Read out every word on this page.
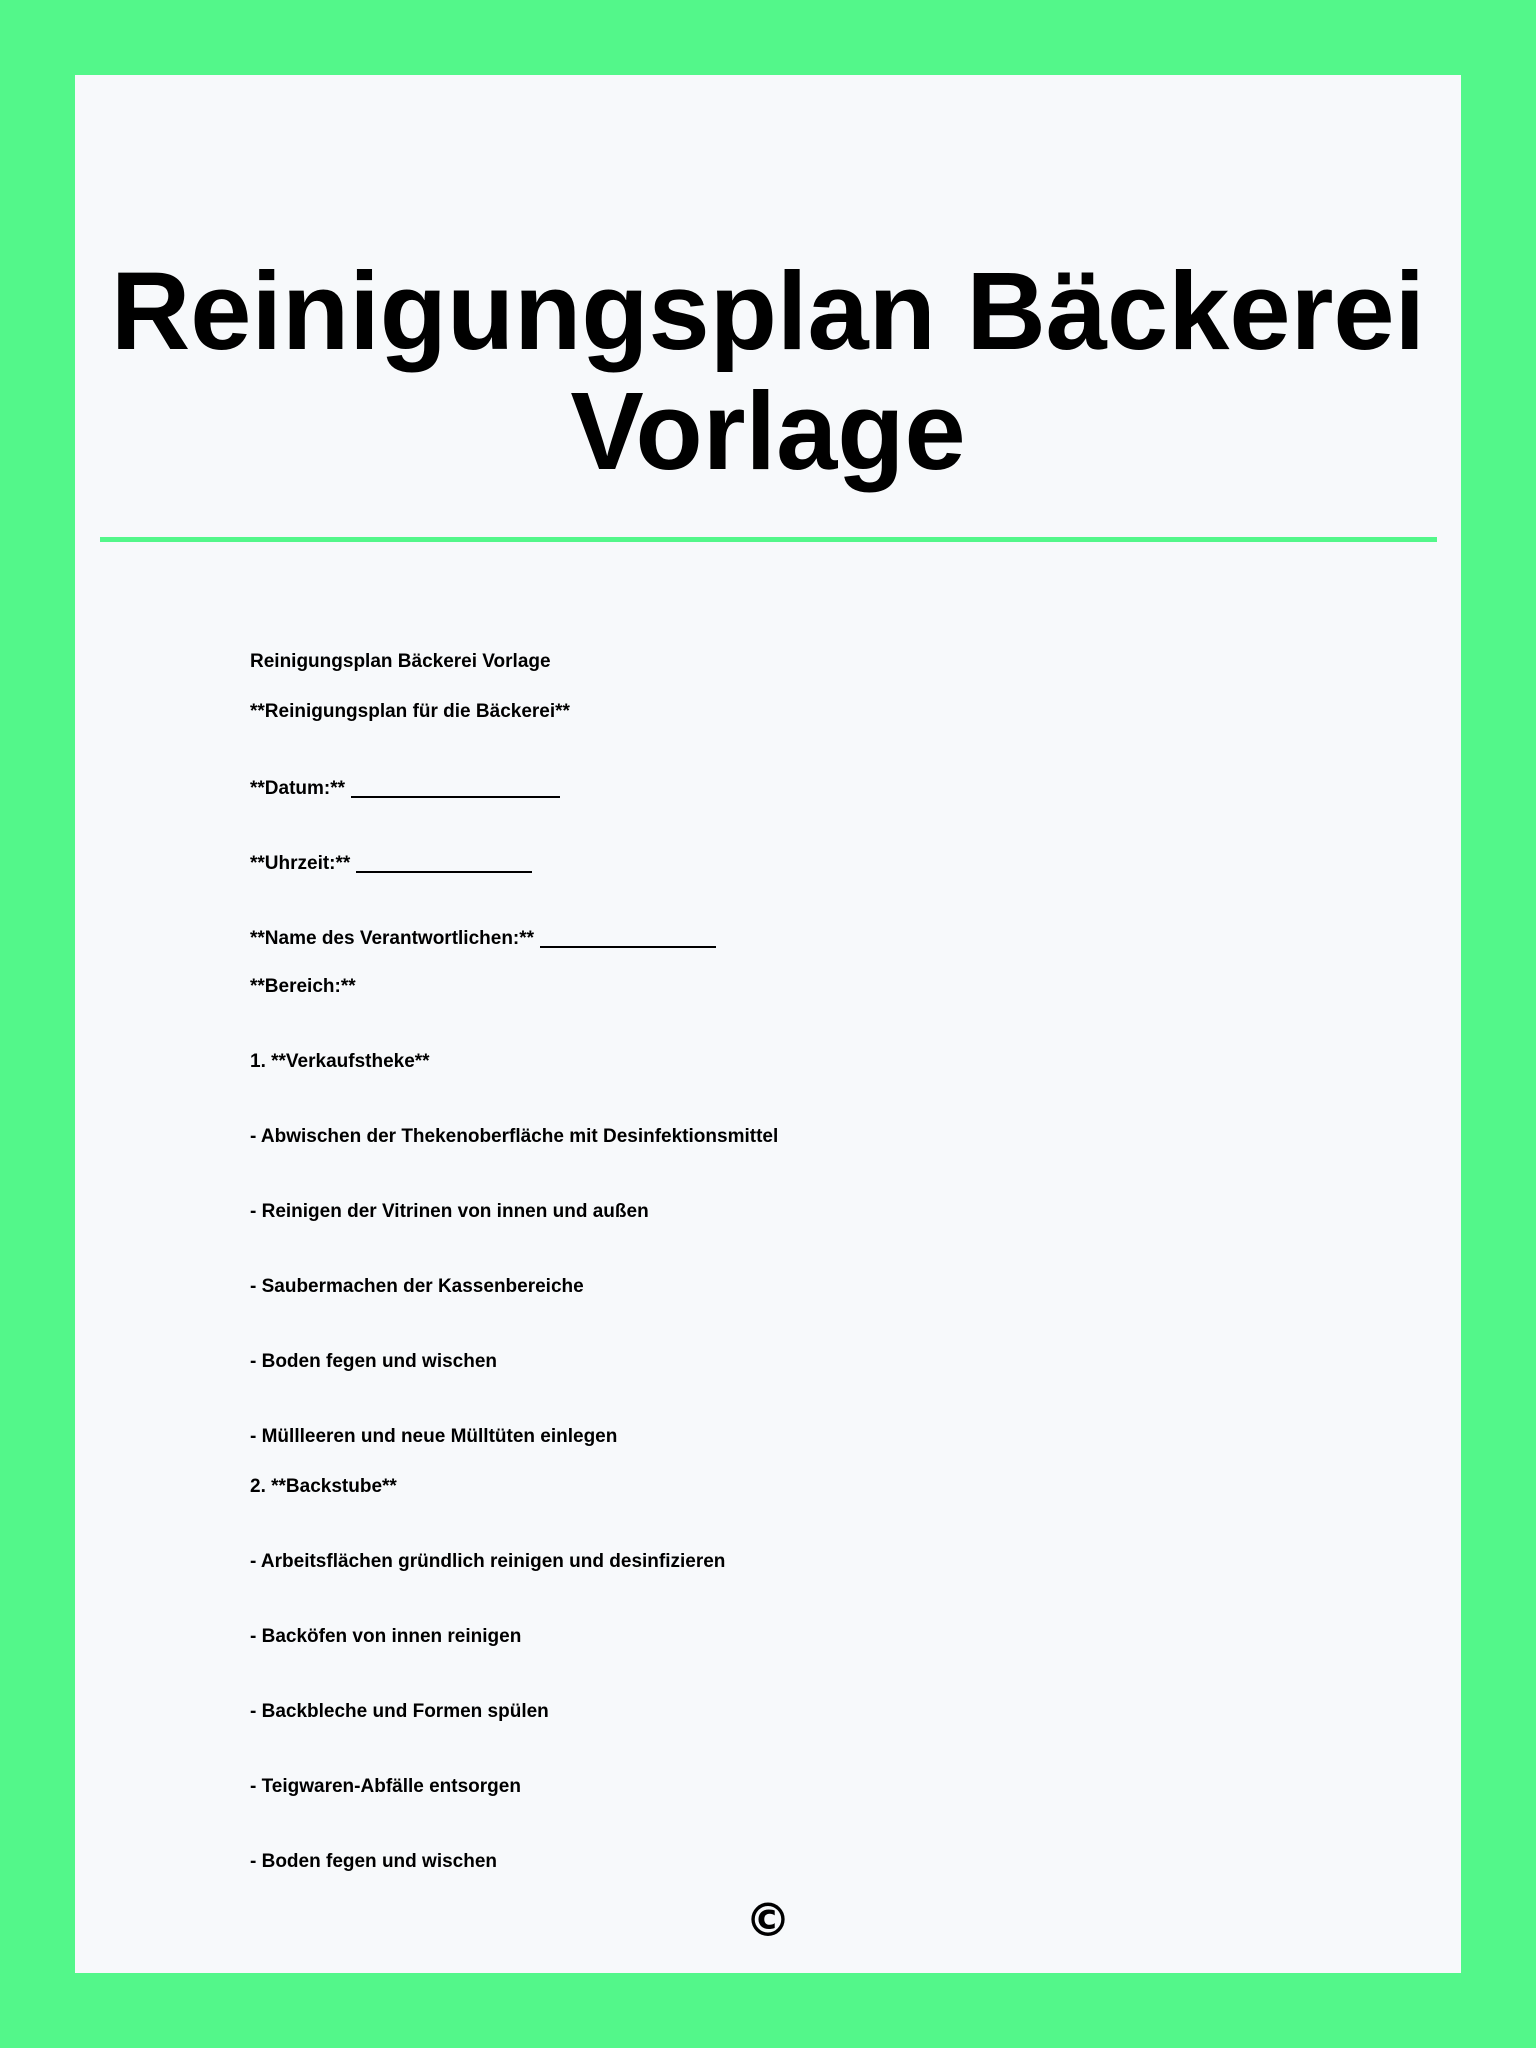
Reinigungsplan Bäckerei
Vorlage
Reinigungsplan Bäckerei Vorlage
**Reinigungsplan für die Bäckerei**
**Datum:**
**Uhrzeit:**
**Name des Verantwortlichen:**
**Bereich:**
1. **Verkaufstheke**
- Abwischen der Thekenoberfläche mit Desinfektionsmittel
- Reinigen der Vitrinen von innen und außen
- Saubermachen der Kassenbereiche
- Boden fegen und wischen
- Müllleeren und neue Mülltüten einlegen
2. **Backstube**
- Arbeitsflächen gründlich reinigen und desinfizieren
- Backöfen von innen reinigen
- Backbleche und Formen spülen
- Teigwaren-Abfälle entsorgen
- Boden fegen und wischen
©
